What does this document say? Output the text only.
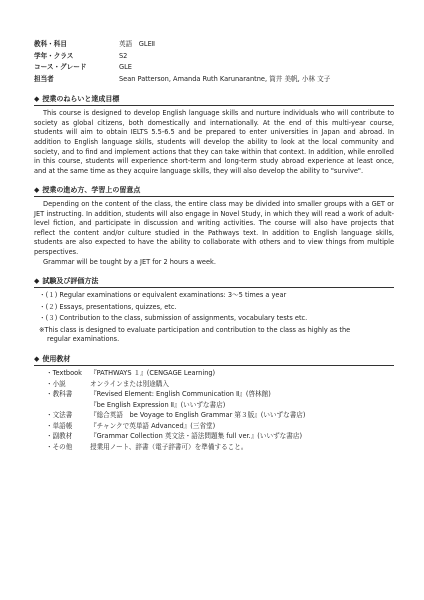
教科・科目	英語　GLEⅡ
学年・クラス	S2
コース・グレード	GLE
担当者	Sean Patterson, Amanda Ruth Karunarantne, 筒井 美帆, 小林 文子
◆ 授業のねらいと達成目標

This course is designed to develop English language skills and nurture individuals who will contribute to society as global citizens, both domestically and internationally. At the end of this multi-year course, students will aim to obtain IELTS 5.5-6.5 and be prepared to enter universities in Japan and abroad. In addition to English language skills, students will develop the ability to look at the local community and society, and to find and implement actions that they can take within that context. In addition, while enrolled in this course, students will experience short-term and long-term study abroad experience at least once, and at the same time as they acquire language skills, they will also develop the ability to "survive".

◆ 授業の進め方、学習上の留意点

Depending on the content of the class, the entire class may be divided into smaller groups with a GET or JET instructing. In addition, students will also engage in Novel Study, in which they will read a work of adult-level fiction, and participate in discussion and writing activities. The course will also have projects that reflect the content and/or culture studied in the Pathways text. In addition to English language skills, students are also expected to have the ability to collaborate with others and to view things from multiple perspectives.

Grammar will be tought by a JET for 2 hours a week.

◆ 試験及び評価方法
・(１) Regular examinations or equivalent examinations: 3～5 times a year
・(２) Essays, presentations, quizzes, etc.
・(３) Contribution to the class, submission of assignments, vocabulary tests etc.
※This class is designed to evaluate participation and contribution to the class as highly as the
regular examinations.
◆ 使用教材
・Textbook	『PATHWAYS １』(CENGAGE Learning)
・小説	オンラインまたは別途購入
・教科書	『Revised Element: English Communication Ⅱ』(啓林館)
『be English Expression Ⅱ』(いいずな書店)
・文法書	『総合英語　be Voyage to English Grammar 第３版』(いいずな書店)
・単語帳	『チャンクで英単語 Advanced』(三省堂)
・副教材	『Grammar Collection 英文法・語法問題集 full ver.』(いいずな書店)
・その他	授業用ノート、辞書（電子辞書可）を準備すること。
